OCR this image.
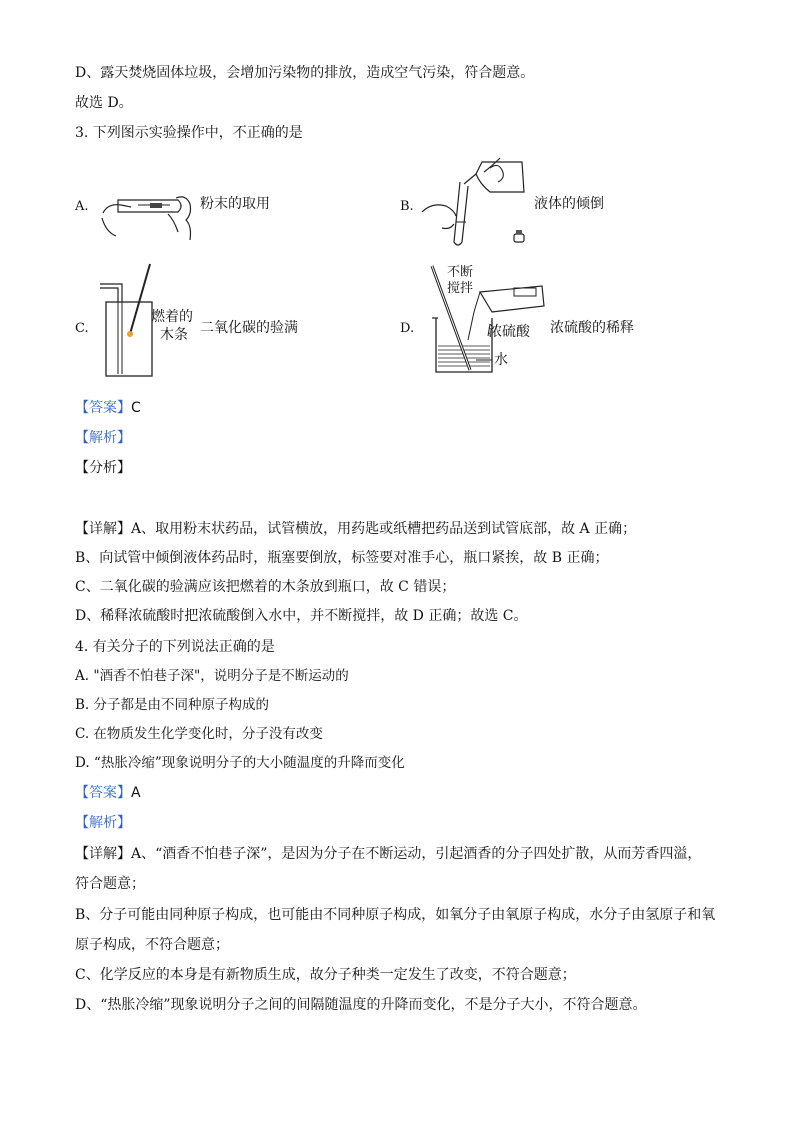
D、露天焚烧固体垃圾，会增加污染物的排放，造成空气污染，符合题意。
故选 D。
3. 下列图示实验操作中，不正确的是
A.	粉末的取用	B.	液体的倾倒
C.
燃着的
木条 二氧化碳的验满	D.
不断
搅拌
浓硫酸
水
浓硫酸的稀释
【答案】C
【解析】
【分析】
【详解】A、取用粉末状药品，试管横放，用药匙或纸槽把药品送到试管底部，故 A 正确；
B、向试管中倾倒液体药品时，瓶塞要倒放，标签要对准手心，瓶口紧挨，故 B 正确；
C、二氧化碳的验满应该把燃着的木条放到瓶口，故 C 错误；
D、稀释浓硫酸时把浓硫酸倒入水中，并不断搅拌，故 D 正确；故选 C。
4. 有关分子的下列说法正确的是
A. "酒香不怕巷子深"，说明分子是不断运动的
B. 分子都是由不同种原子构成的
C. 在物质发生化学变化时，分子没有改变
D. “热胀冷缩”现象说明分子的大小随温度的升降而变化
【答案】A
【解析】
【详解】A、“酒香不怕巷子深”，是因为分子在不断运动，引起酒香的分子四处扩散，从而芳香四溢，
符合题意；
B、分子可能由同种原子构成，也可能由不同种原子构成，如氧分子由氧原子构成，水分子由氢原子和氧
原子构成，不符合题意；
C、化学反应的本身是有新物质生成，故分子种类一定发生了改变，不符合题意；
D、“热胀冷缩”现象说明分子之间的间隔随温度的升降而变化，不是分子大小，不符合题意。
